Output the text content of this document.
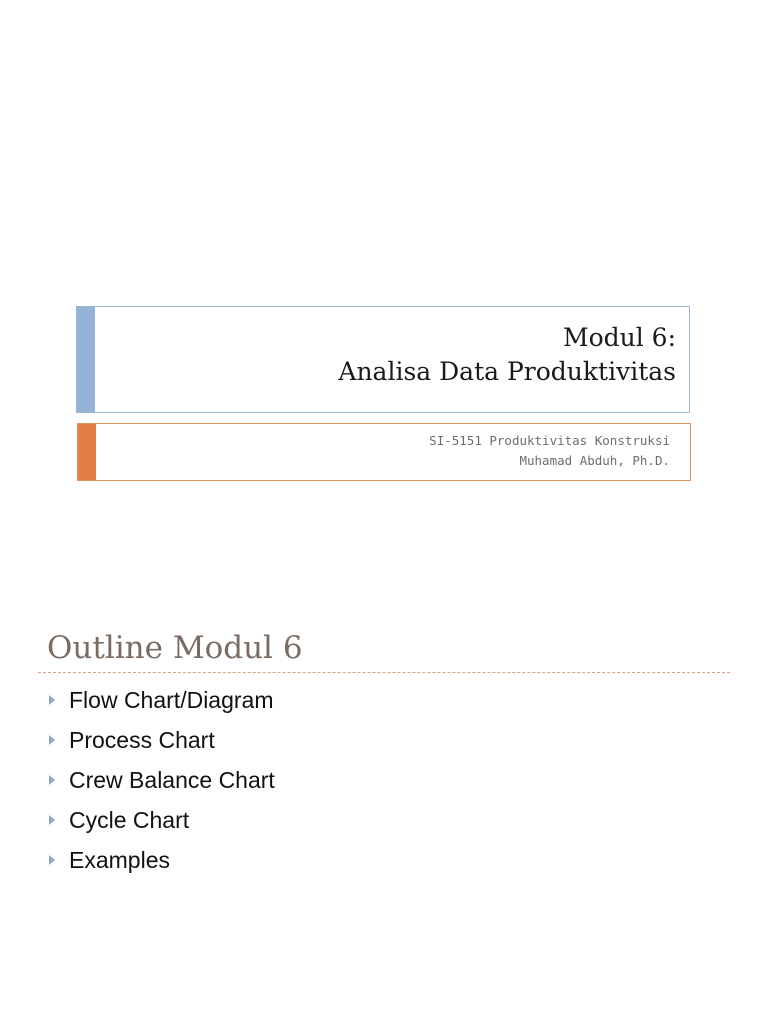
Modul 6:
Analisa Data Produktivitas
SI-5151 Produktivitas Konstruksi
Muhamad Abduh, Ph.D.
Outline Modul 6
Flow Chart/Diagram
Process Chart
Crew Balance Chart
Cycle Chart
Examples
